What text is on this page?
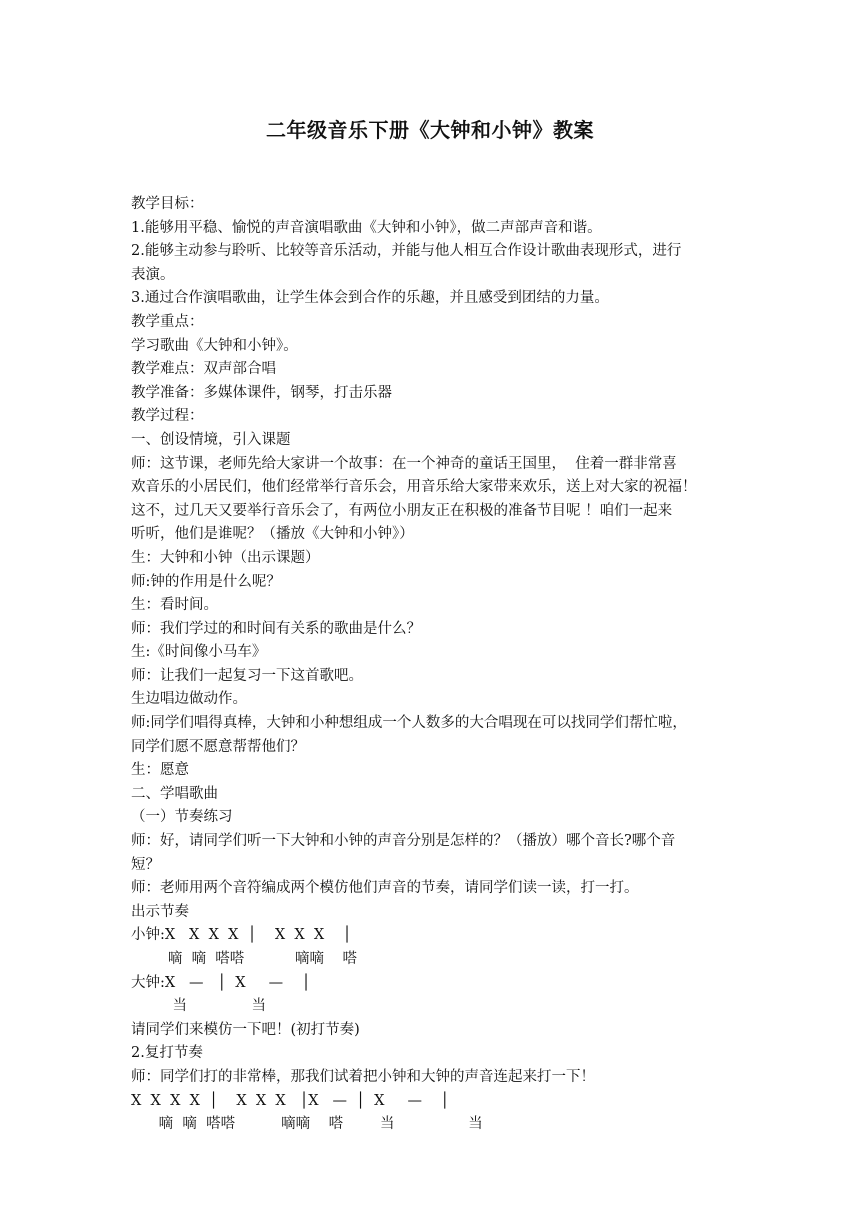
二年级音乐下册《大钟和小钟》教案
教学目标：
1.能够用平稳、愉悦的声音演唱歌曲《大钟和小钟》，做二声部声音和谐。
2.能够主动参与聆听、比较等音乐活动，并能与他人相互合作设计歌曲表现形式，进行
表演。
3.通过合作演唱歌曲，让学生体会到合作的乐趣，并且感受到团结的力量。
教学重点：
学习歌曲《大钟和小钟》。
教学难点：双声部合唱
教学准备：多媒体课件，钢琴，打击乐器
教学过程：
一、创设情境，引入课题
师：这节课，老师先给大家讲一个故事：在一个神奇的童话王国里，  住着一群非常喜
欢音乐的小居民们，他们经常举行音乐会，用音乐给大家带来欢乐，送上对大家的祝福！
这不，过几天又要举行音乐会了，有两位小朋友正在积极的准备节目呢 ！咱们一起来
听听，他们是谁呢？（播放《大钟和小钟》）
生：大钟和小钟（出示课题）
师:钟的作用是什么呢？
生：看时间。
师：我们学过的和时间有关系的歌曲是什么？
生:《时间像小马车》
师：让我们一起复习一下这首歌吧。
生边唱边做动作。
师:同学们唱得真棒，大钟和小种想组成一个人数多的大合唱现在可以找同学们帮忙啦，
同学们愿不愿意帮帮他们？
生：愿意
二、学唱歌曲
（一）节奏练习
师：好，请同学们听一下大钟和小钟的声音分别是怎样的？（播放）哪个音长?哪个音
短？
师：老师用两个音符编成两个模仿他们声音的节奏，请同学们读一读，打一打。
出示节奏
小钟:X   X  X  X  │    X  X  X    │
嘀  嘀  嗒嗒           嘀嘀    嗒
大钟:X   —   │  X     —    │
当              当
请同学们来模仿一下吧！(初打节奏)
2.复打节奏
师：同学们打的非常棒，那我们试着把小钟和大钟的声音连起来打一下！
X  X  X  X  │    X  X  X   │X   —  │  X     —    │
嘀  嘀  嗒嗒          嘀嘀    嗒        当                当
